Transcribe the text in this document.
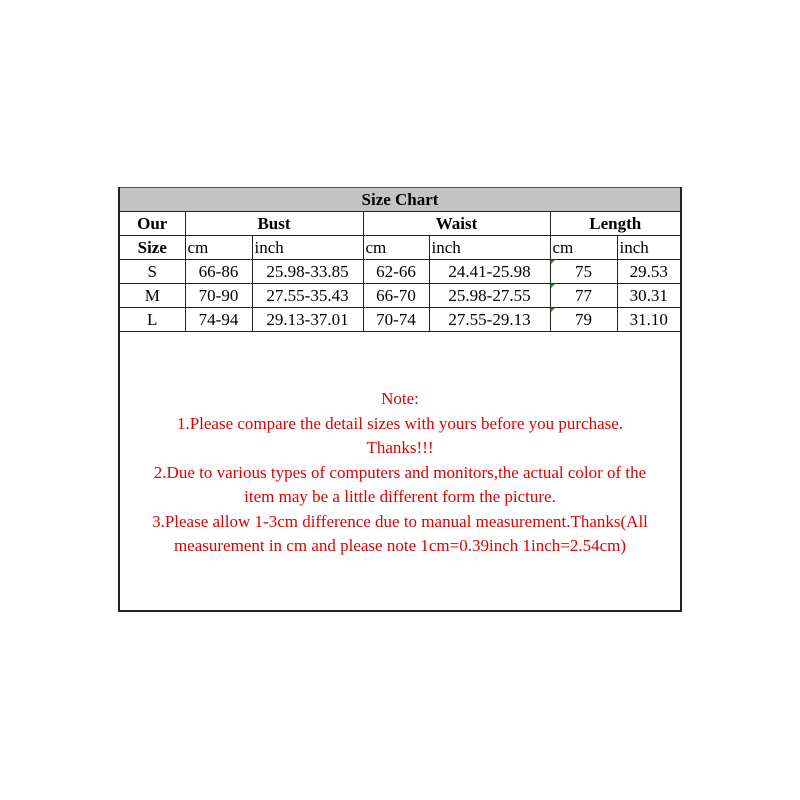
Size Chart
Our	Bust		Waist		Length	
Size	cm	inch	cm	inch	cm	inch
S	66-86	25.98-33.85	62-66	24.41-25.98	75	29.53
M	70-90	27.55-35.43	66-70	25.98-27.55	77	30.31
L	74-94	29.13-37.01	70-74	27.55-29.13	79	31.10
Note:
1.Please compare the detail sizes with yours before you purchase.
Thanks!!!
2.Due to various types of computers and monitors,the actual color of the
item may be a little different form the picture.
3.Please allow 1-3cm difference due to manual measurement.Thanks(All
measurement in cm and please note 1cm=0.39inch 1inch=2.54cm)
